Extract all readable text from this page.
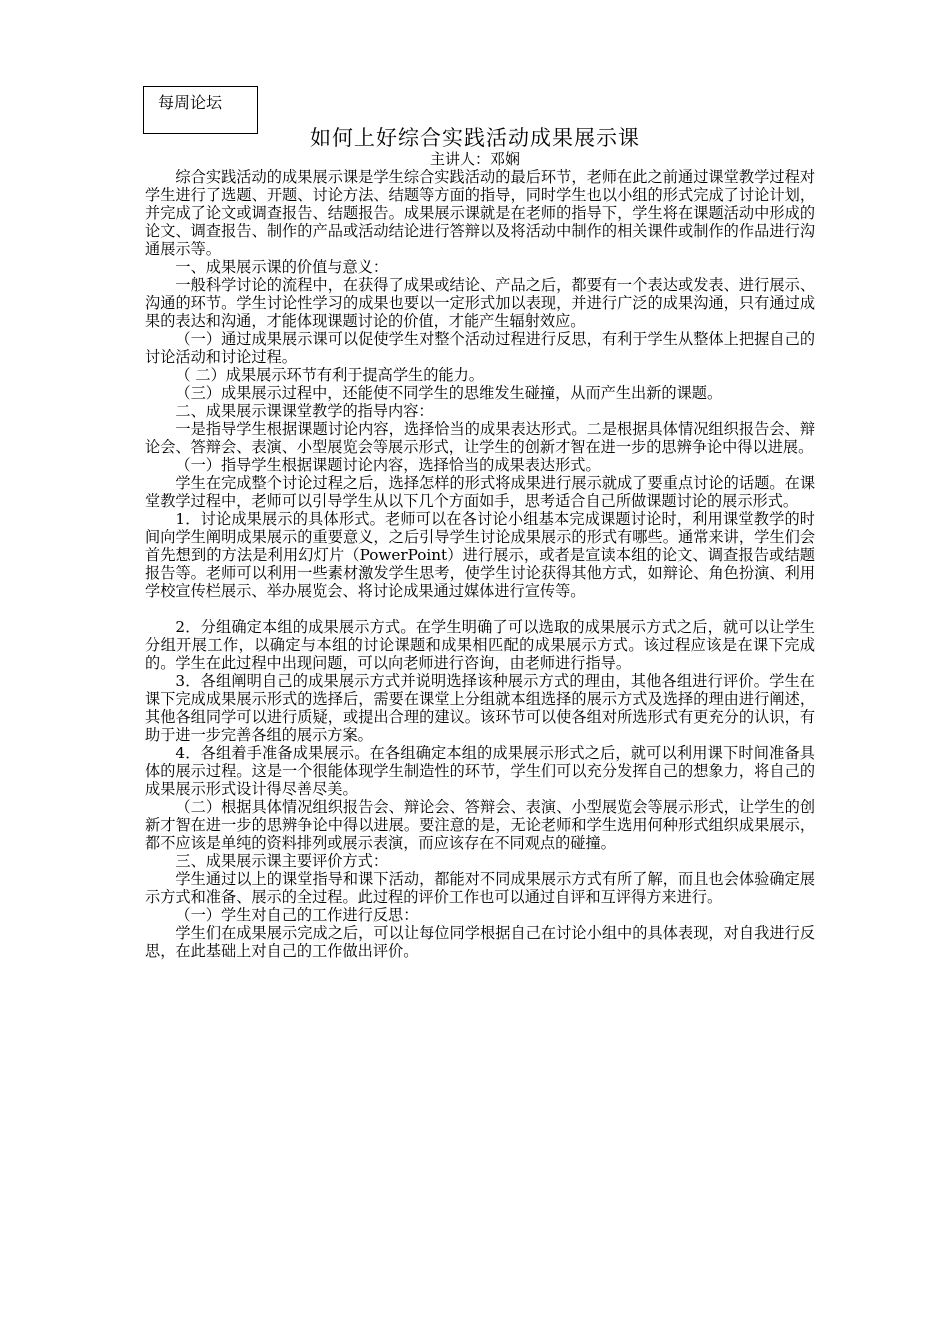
每周论坛
如何上好综合实践活动成果展示课
主讲人：邓娴

综合实践活动的成果展示课是学生综合实践活动的最后环节，老师在此之前通过课堂教学过程对学生进行了选题、开题、讨论方法、结题等方面的指导，同时学生也以小组的形式完成了讨论计划，并完成了论文或调查报告、结题报告。成果展示课就是在老师的指导下，学生将在课题活动中形成的论文、调查报告、制作的产品或活动结论进行答辩以及将活动中制作的相关课件或制作的作品进行沟通展示等。

一、成果展示课的价值与意义：

一般科学讨论的流程中，在获得了成果或结论、产品之后，都要有一个表达或发表、进行展示、沟通的环节。学生讨论性学习的成果也要以一定形式加以表现，并进行广泛的成果沟通，只有通过成果的表达和沟通，才能体现课题讨论的价值，才能产生辐射效应。

（一）通过成果展示课可以促使学生对整个活动过程进行反思，有利于学生从整体上把握自己的讨论活动和讨论过程。

（ 二）成果展示环节有利于提高学生的能力。

（三）成果展示过程中，还能使不同学生的思维发生碰撞，从而产生出新的课题。

二、成果展示课课堂教学的指导内容：

一是指导学生根据课题讨论内容，选择恰当的成果表达形式。二是根据具体情况组织报告会、辩论会、答辩会、表演、小型展览会等展示形式，让学生的创新才智在进一步的思辨争论中得以进展。

（一）指导学生根据课题讨论内容，选择恰当的成果表达形式。

学生在完成整个讨论过程之后，选择怎样的形式将成果进行展示就成了要重点讨论的话题。在课堂教学过程中，老师可以引导学生从以下几个方面如手，思考适合自己所做课题讨论的展示形式。

1．讨论成果展示的具体形式。老师可以在各讨论小组基本完成课题讨论时，利用课堂教学的时间向学生阐明成果展示的重要意义，之后引导学生讨论成果展示的形式有哪些。通常来讲，学生们会首先想到的方法是利用幻灯片（PowerPoint）进行展示，或者是宣读本组的论文、调查报告或结题报告等。老师可以利用一些素材激发学生思考，使学生讨论获得其他方式，如辩论、角色扮演、利用学校宣传栏展示、举办展览会、将讨论成果通过媒体进行宣传等。

2．分组确定本组的成果展示方式。在学生明确了可以选取的成果展示方式之后，就可以让学生分组开展工作，以确定与本组的讨论课题和成果相匹配的成果展示方式。该过程应该是在课下完成的。学生在此过程中出现问题，可以向老师进行咨询，由老师进行指导。

3．各组阐明自己的成果展示方式并说明选择该种展示方式的理由，其他各组进行评价。学生在课下完成成果展示形式的选择后，需要在课堂上分组就本组选择的展示方式及选择的理由进行阐述，其他各组同学可以进行质疑，或提出合理的建议。该环节可以使各组对所选形式有更充分的认识，有助于进一步完善各组的展示方案。

4．各组着手准备成果展示。在各组确定本组的成果展示形式之后，就可以利用课下时间准备具体的展示过程。这是一个很能体现学生制造性的环节，学生们可以充分发挥自己的想象力，将自己的成果展示形式设计得尽善尽美。

（二）根据具体情况组织报告会、辩论会、答辩会、表演、小型展览会等展示形式，让学生的创新才智在进一步的思辨争论中得以进展。要注意的是，无论老师和学生选用何种形式组织成果展示，都不应该是单纯的资料排列或展示表演，而应该存在不同观点的碰撞。

三、成果展示课主要评价方式：

学生通过以上的课堂指导和课下活动，都能对不同成果展示方式有所了解，而且也会体验确定展示方式和准备、展示的全过程。此过程的评价工作也可以通过自评和互评得方来进行。

（一）学生对自己的工作进行反思：

学生们在成果展示完成之后，可以让每位同学根据自己在讨论小组中的具体表现，对自我进行反思，在此基础上对自己的工作做出评价。
